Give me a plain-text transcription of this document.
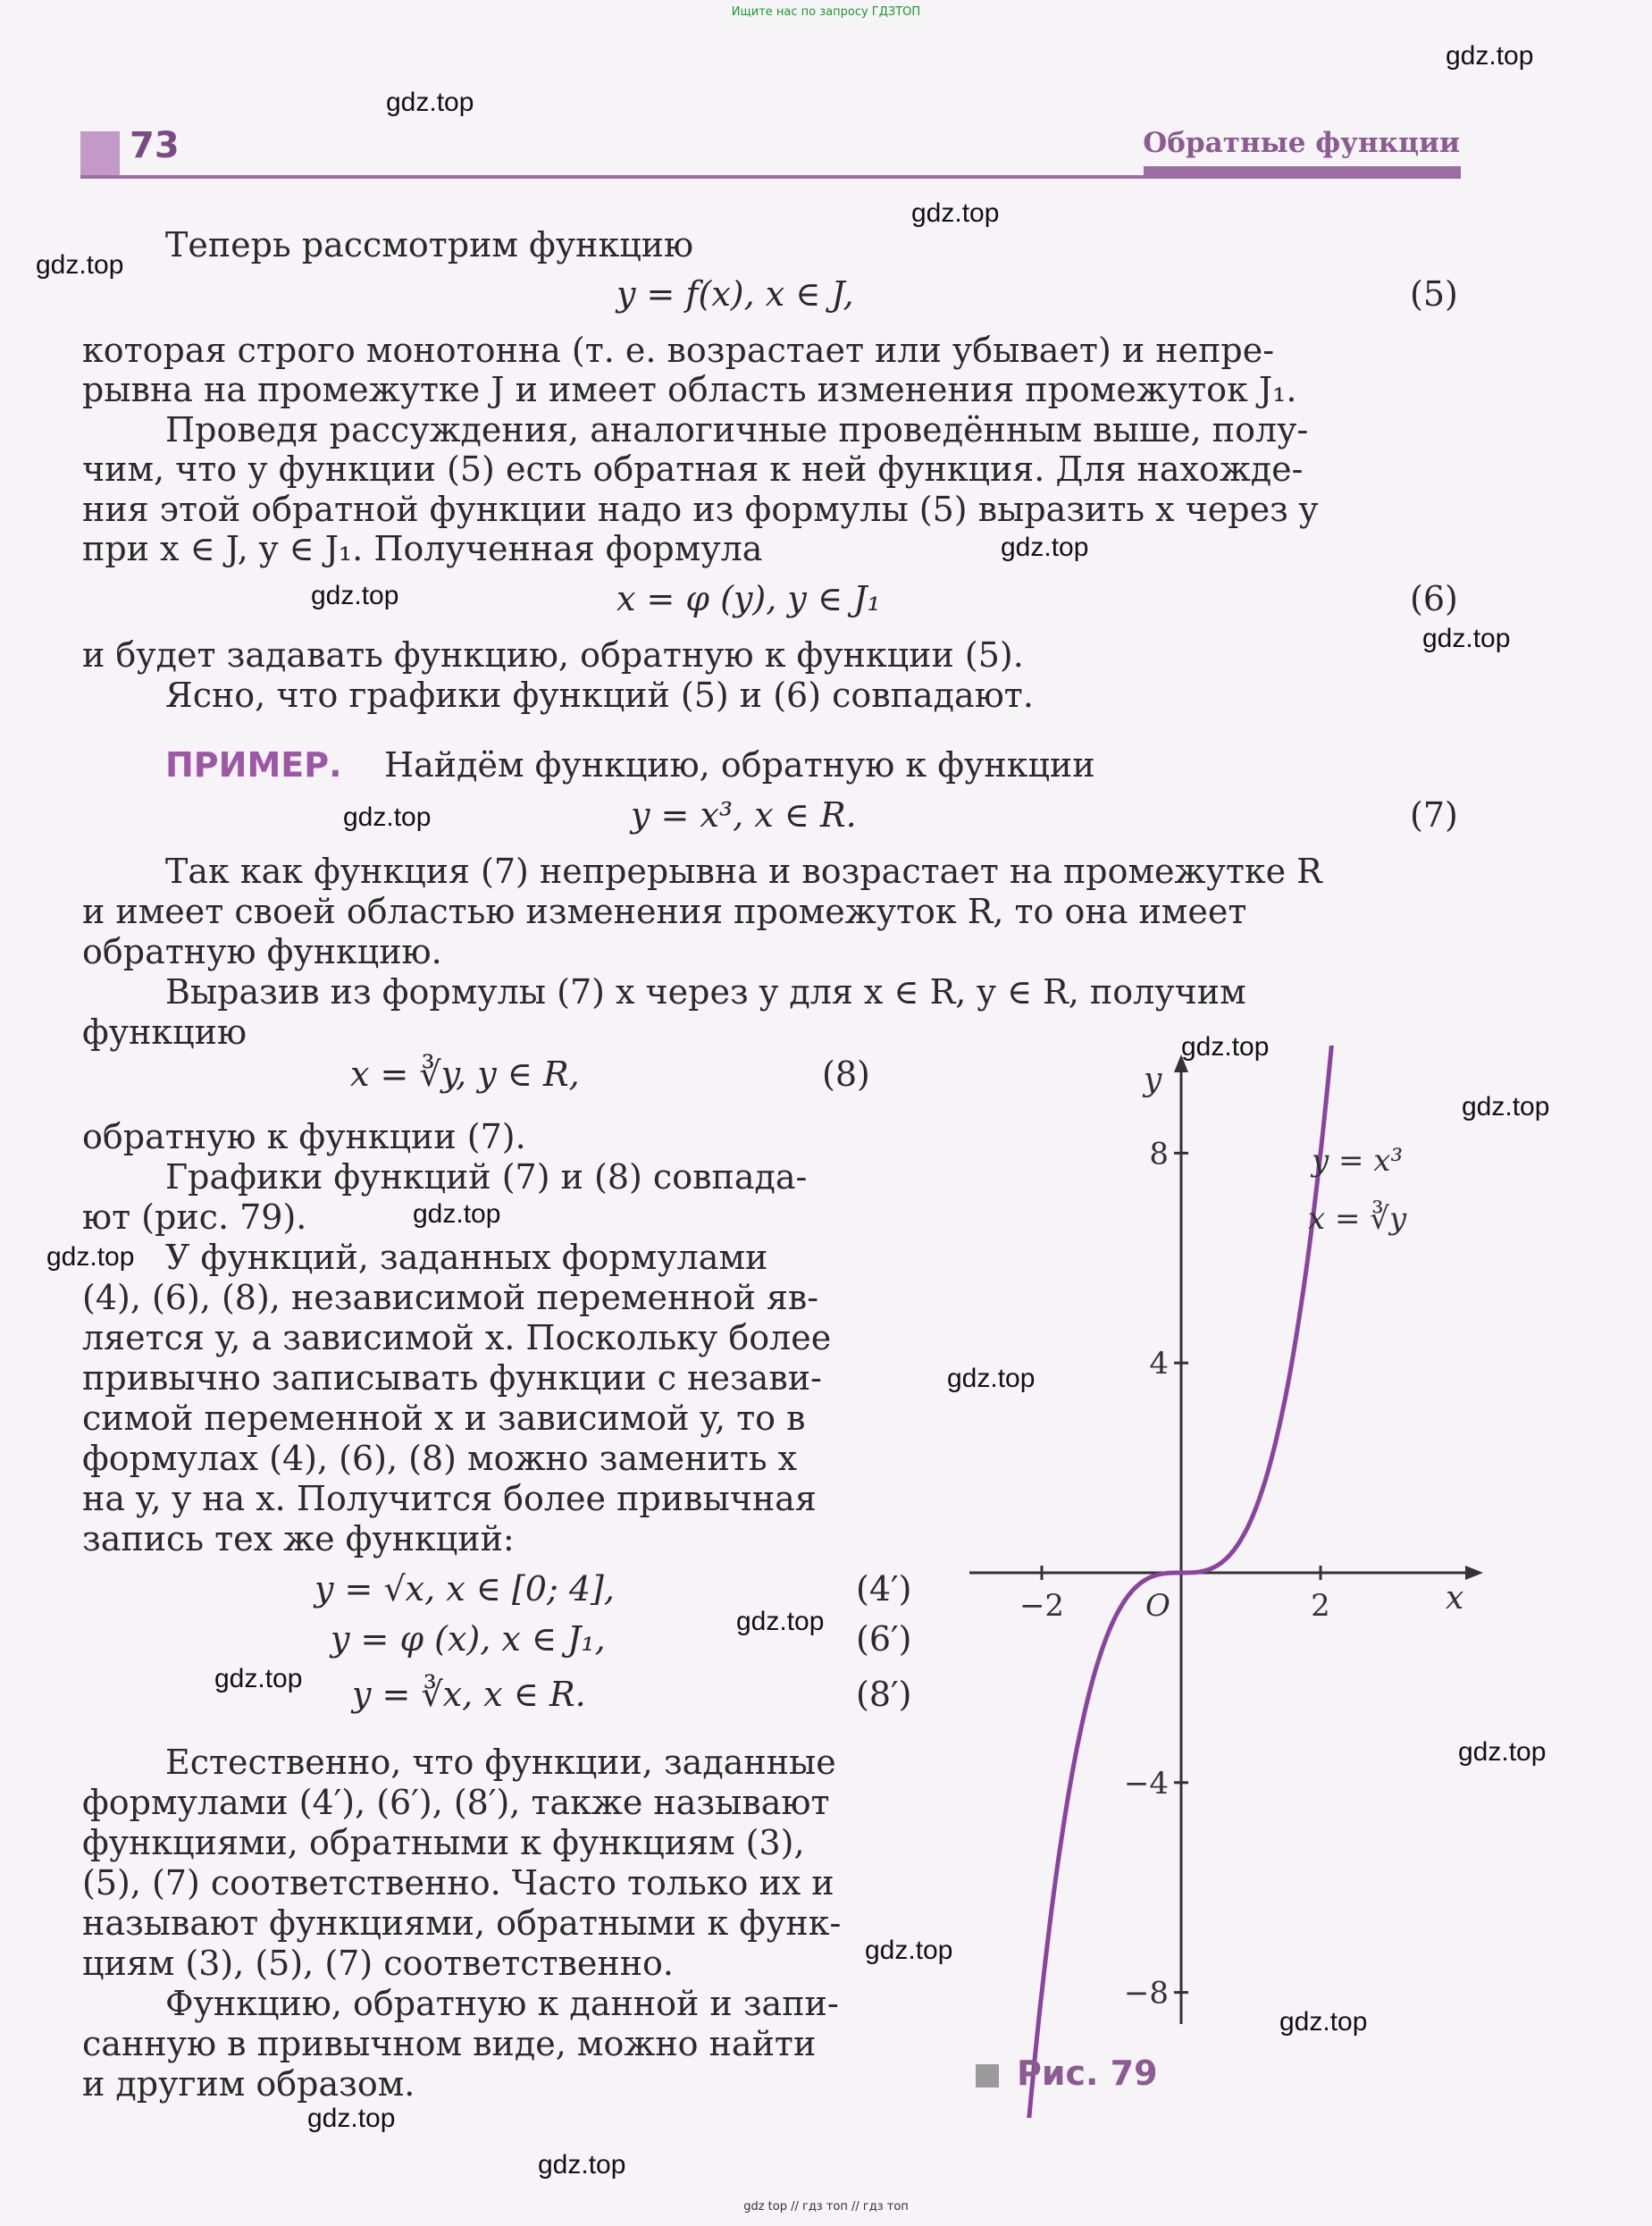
Ищите нас по запросу ГДЗТОП
gdz top // гдз топ // гдз топ
73	Обратные функции
gdz.top
gdz.top
gdz.top
gdz.top
gdz.top
gdz.top
gdz.top
gdz.top
gdz.top
gdz.top
gdz.top
gdz.top
gdz.top
gdz.top
gdz.top
gdz.top
gdz.top
gdz.top
gdz.top
gdz.top
Теперь рассмотрим функцию
y = f(x), x ∈ J,	(5)
которая строго монотонна (т. е. возрастает или убывает) и непре-
рывна на промежутке J и имеет область изменения промежуток J₁.
Проведя рассуждения, аналогичные проведённым выше, полу-
чим, что у функции (5) есть обратная к ней функция. Для нахожде-
ния этой обратной функции надо из формулы (5) выразить x через y
при x ∈ J, y ∈ J₁. Полученная формула
x = φ (y), y ∈ J₁	(6)
и будет задавать функцию, обратную к функции (5).
Ясно, что графики функций (5) и (6) совпадают.
ПРИМЕР. Найдём функцию, обратную к функции
y = x³, x ∈ R.	(7)
Так как функция (7) непрерывна и возрастает на промежутке R
и имеет своей областью изменения промежуток R, то она имеет
обратную функцию.
Выразив из формулы (7) x через y для x ∈ R, y ∈ R, получим
функцию
x = ∛y, y ∈ R,	(8)
обратную к функции (7).
Графики функций (7) и (8) совпада-
ют (рис. 79).
У функций, заданных формулами
(4), (6), (8), независимой переменной яв-
ляется y, а зависимой x. Поскольку более
привычно записывать функции с незави-
симой переменной x и зависимой y, то в
формулах (4), (6), (8) можно заменить x
на y, y на x. Получится более привычная
запись тех же функций:
y = √x, x ∈ [0; 4],	(4′)
y = φ (x), x ∈ J₁,	(6′)
y = ∛x, x ∈ R.	(8′)
Естественно, что функции, заданные
формулами (4′), (6′), (8′), также называют
функциями, обратными к функциям (3),
(5), (7) соответственно. Часто только их и
называют функциями, обратными к функ-
циям (3), (5), (7) соответственно.
Функцию, обратную к данной и запи-
санную в привычном виде, можно найти
и другим образом.
−2	2
−8
−4
4
8
x
y
O
y = x³
x = ∛y
Рис. 79
